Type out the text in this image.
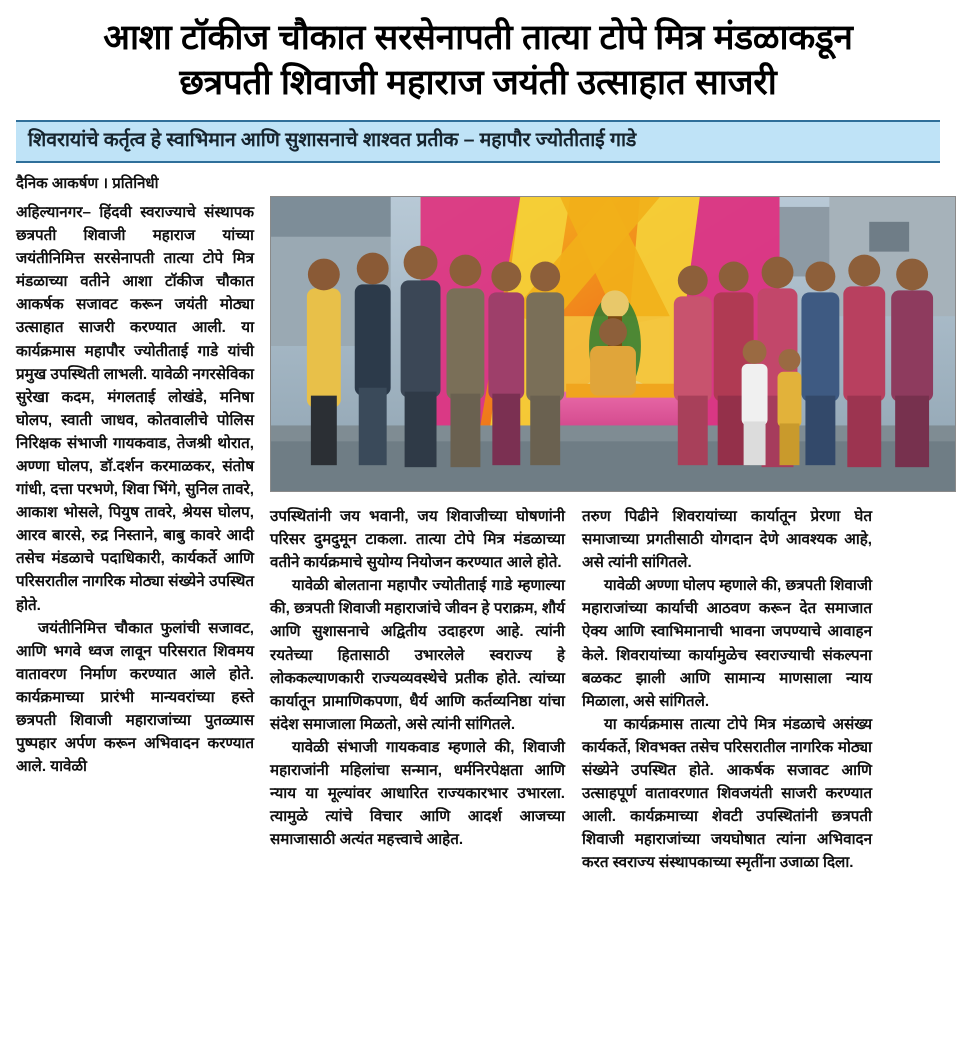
आशा टॉकीज चौकात सरसेनापती तात्या टोपे मित्र मंडळाकडून
छत्रपती शिवाजी महाराज जयंती उत्साहात साजरी
शिवरायांचे कर्तृत्व हे स्वाभिमान आणि सुशासनाचे शाश्वत प्रतीक – महापौर ज्योतीताई गाडे
दैनिक आकर्षण । प्रतिनिधी

अहिल्यानगर– हिंदवी स्वराज्याचे संस्थापक छत्रपती शिवाजी महाराज यांच्या जयंतीनिमित्त सरसेनापती तात्या टोपे मित्र मंडळाच्या वतीने आशा टॉकीज चौकात आकर्षक सजावट करून जयंती मोठ्या उत्साहात साजरी करण्यात आली. या कार्यक्रमास महापौर ज्योतीताई गाडे यांची प्रमुख उपस्थिती लाभली. यावेळी नगरसेविका सुरेखा कदम, मंगलताई लोखंडे, मनिषा घोलप, स्वाती जाधव, कोतवालीचे पोलिस निरिक्षक संभाजी गायकवाड, तेजश्री थोरात, अण्णा घोलप, डॉ.दर्शन करमाळकर, संतोष गांधी, दत्ता परभणे, शिवा भिंगे, सुनिल तावरे, आकाश भोसले, पियुष तावरे, श्रेयस घोलप, आरव बारसे, रुद्र निस्ताने, बाबु कावरे आदी तसेच मंडळाचे पदाधिकारी, कार्यकर्ते आणि परिसरातील नागरिक मोठ्या संख्येने उपस्थित होते.

जयंतीनिमित्त चौकात फुलांची सजावट, आणि भगवे ध्वज लावून परिसरात शिवमय वातावरण निर्माण करण्यात आले होते. कार्यक्रमाच्या प्रारंभी मान्यवरांच्या हस्ते छत्रपती शिवाजी महाराजांच्या पुतळ्यास पुष्पहार अर्पण करून अभिवादन करण्यात आले. यावेळी

उपस्थितांनी जय भवानी, जय शिवाजीच्या घोषणांनी परिसर दुमदुमून टाकला. तात्या टोपे मित्र मंडळाच्या वतीने कार्यक्रमाचे सुयोग्य नियोजन करण्यात आले होते.

यावेळी बोलताना महापौर ज्योतीताई गाडे म्हणाल्या की, छत्रपती शिवाजी महाराजांचे जीवन हे पराक्रम, शौर्य आणि सुशासनाचे अद्वितीय उदाहरण आहे. त्यांनी रयतेच्या हितासाठी उभारलेले स्वराज्य हे लोककल्याणकारी राज्यव्यवस्थेचे प्रतीक होते. त्यांच्या कार्यातून प्रामाणिकपणा, धैर्य आणि कर्तव्यनिष्ठा यांचा संदेश समाजाला मिळतो, असे त्यांनी सांगितले.

यावेळी संभाजी गायकवाड म्हणाले की, शिवाजी महाराजांनी महिलांचा सन्मान, धर्मनिरपेक्षता आणि न्याय या मूल्यांवर आधारित राज्यकारभार उभारला. त्यामुळे त्यांचे विचार आणि आदर्श आजच्या समाजासाठी अत्यंत महत्त्वाचे आहेत.

तरुण पिढीने शिवरायांच्या कार्यातून प्रेरणा घेत समाजाच्या प्रगतीसाठी योगदान देणे आवश्यक आहे, असे त्यांनी सांगितले.

यावेळी अण्णा घोलप म्हणाले की, छत्रपती शिवाजी महाराजांच्या कार्याची आठवण करून देत समाजात ऐक्य आणि स्वाभिमानाची भावना जपण्याचे आवाहन केले. शिवरायांच्या कार्यामुळेच स्वराज्याची संकल्पना बळकट झाली आणि सामान्य माणसाला न्याय मिळाला, असे सांगितले.

या कार्यक्रमास तात्या टोपे मित्र मंडळाचे असंख्य कार्यकर्ते, शिवभक्त तसेच परिसरातील नागरिक मोठ्या संख्येने उपस्थित होते. आकर्षक सजावट आणि उत्साहपूर्ण वातावरणात शिवजयंती साजरी करण्यात आली. कार्यक्रमाच्या शेवटी उपस्थितांनी छत्रपती शिवाजी महाराजांच्या जयघोषात त्यांना अभिवादन करत स्वराज्य संस्थापकाच्या स्मृतींना उजाळा दिला.
